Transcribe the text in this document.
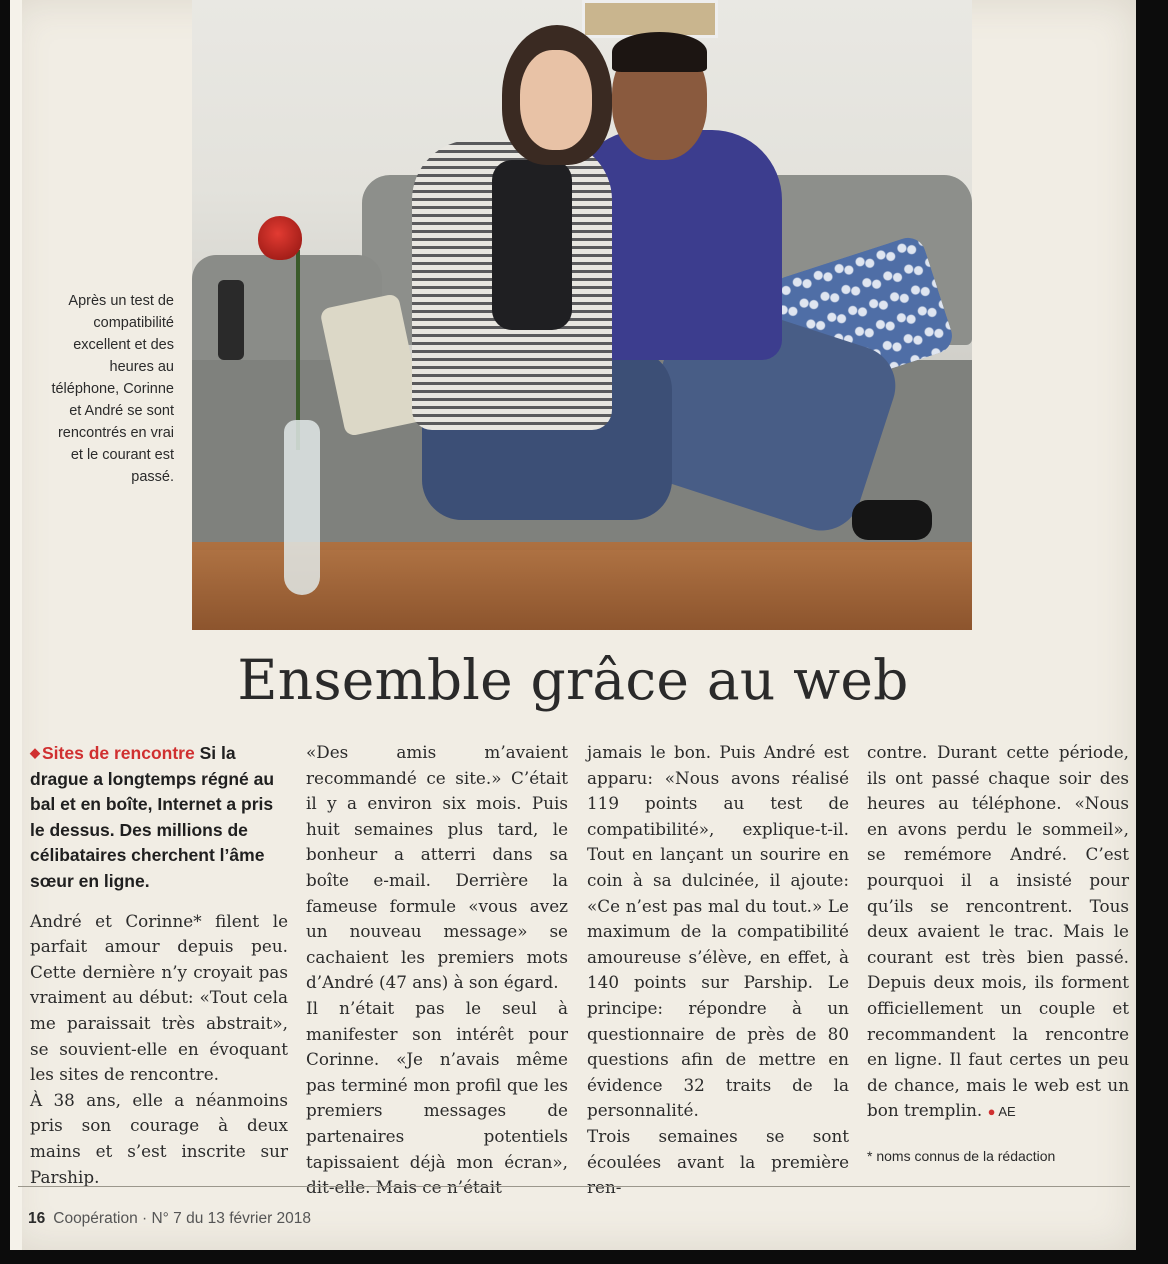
Après un test de compatibilité excellent et des heures au téléphone, Corinne et André se sont rencontrés en vrai et le courant est passé.
Ensemble grâce au web

◆ Sites de rencontre Si la drague a longtemps régné au bal et en boîte, Internet a pris le dessus. Des millions de célibataires cherchent l’âme sœur en ligne.

André et Corinne* filent le parfait amour depuis peu. Cette dernière n’y croyait pas vraiment au début: «Tout cela me paraissait très abstrait», se souvient-elle en évoquant les sites de rencontre.

À 38 ans, elle a néanmoins pris son courage à deux mains et s’est inscrite sur Parship.

«Des amis m’avaient recommandé ce site.» C’était il y a environ six mois. Puis huit semaines plus tard, le bonheur a atterri dans sa boîte e-mail. Derrière la fameuse formule «vous avez un nouveau message» se cachaient les premiers mots d’André (47 ans) à son égard.

Il n’était pas le seul à manifester son intérêt pour Corinne. «Je n’avais même pas terminé mon profil que les premiers messages de partenaires potentiels tapissaient déjà mon écran», dit-elle. Mais ce n’était

jamais le bon. Puis André est apparu: «Nous avons réalisé 119 points au test de compatibilité», explique-t-il. Tout en lançant un sourire en coin à sa dulcinée, il ajoute: «Ce n’est pas mal du tout.» Le maximum de la compatibilité amoureuse s’élève, en effet, à 140 points sur Parship. Le principe: répondre à un questionnaire de près de 80 questions afin de mettre en évidence 32 traits de la personnalité.

Trois semaines se sont écoulées avant la première ren-

contre. Durant cette période, ils ont passé chaque soir des heures au téléphone. «Nous en avons perdu le sommeil», se remémore André. C’est pourquoi il a insisté pour qu’ils se rencontrent. Tous deux avaient le trac. Mais le courant est très bien passé. Depuis deux mois, ils forment officiellement un couple et recommandent la rencontre en ligne. Il faut certes un peu de chance, mais le web est un bon tremplin. ● AE

* noms connus de la rédaction
16 Coopération · N° 7 du 13 février 2018
